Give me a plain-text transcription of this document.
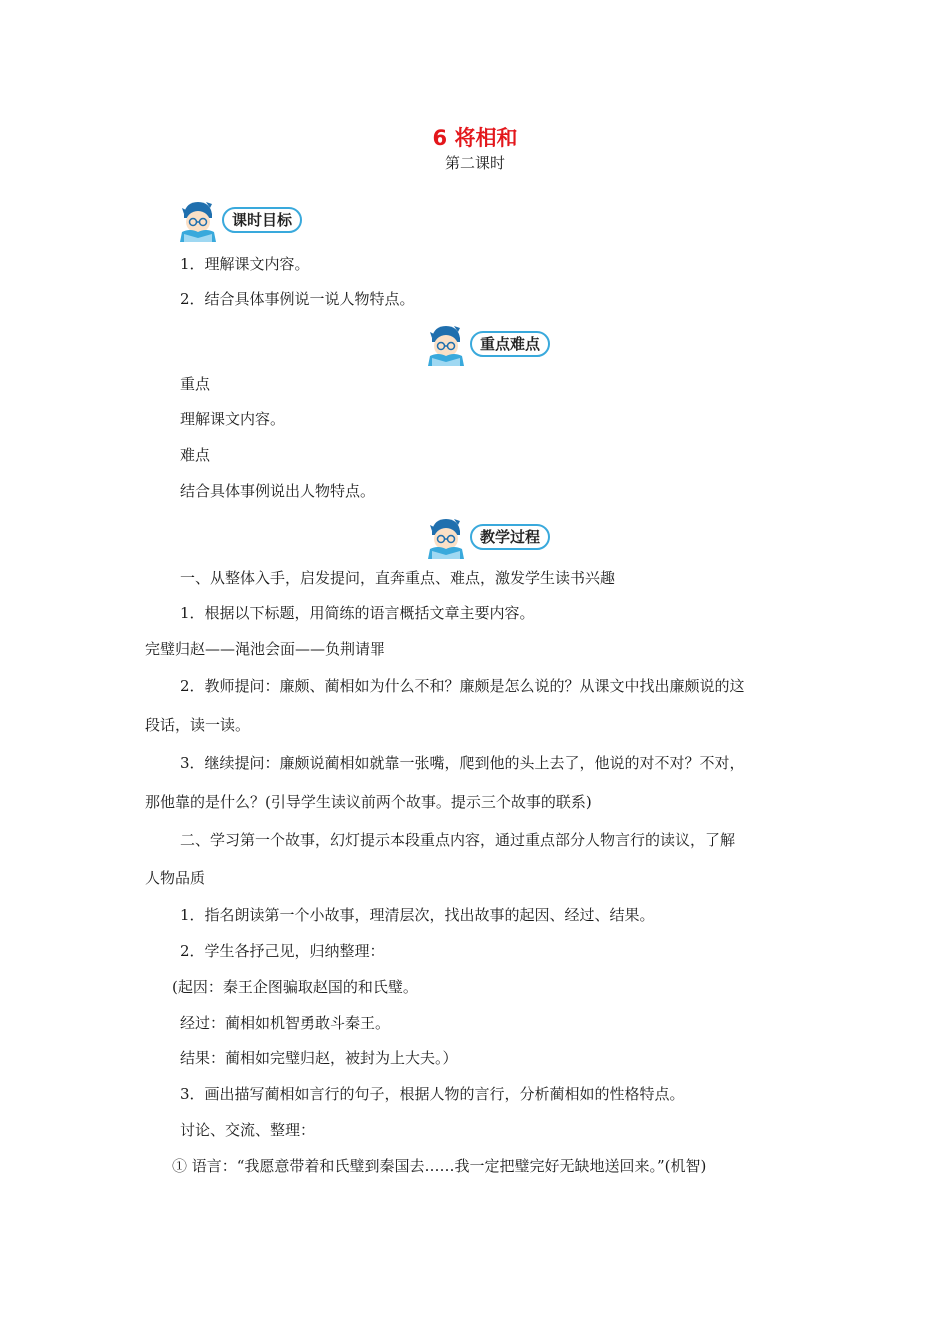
6 将相和
第二课时
课时目标
1．理解课文内容。
2．结合具体事例说一说人物特点。
重点难点
重点
理解课文内容。
难点
结合具体事例说出人物特点。
教学过程
一、从整体入手，启发提问，直奔重点、难点，激发学生读书兴趣
1．根据以下标题，用简练的语言概括文章主要内容。
完璧归赵——渑池会面——负荆请罪
2．教师提问：廉颇、蔺相如为什么不和？廉颇是怎么说的？从课文中找出廉颇说的这
段话，读一读。
3．继续提问：廉颇说蔺相如就靠一张嘴，爬到他的头上去了，他说的对不对？不对，
那他靠的是什么？(引导学生读议前两个故事。提示三个故事的联系)
二、学习第一个故事，幻灯提示本段重点内容，通过重点部分人物言行的读议，了解
人物品质
1．指名朗读第一个小故事，理清层次，找出故事的起因、经过、结果。
2．学生各抒己见，归纳整理：
(起因：秦王企图骗取赵国的和氏璧。
经过：蔺相如机智勇敢斗秦王。
结果：蔺相如完璧归赵，被封为上大夫。）
3．画出描写蔺相如言行的句子，根据人物的言行，分析蔺相如的性格特点。
讨论、交流、整理：
① 语言：“我愿意带着和氏璧到秦国去……我一定把璧完好无缺地送回来。”(机智)
